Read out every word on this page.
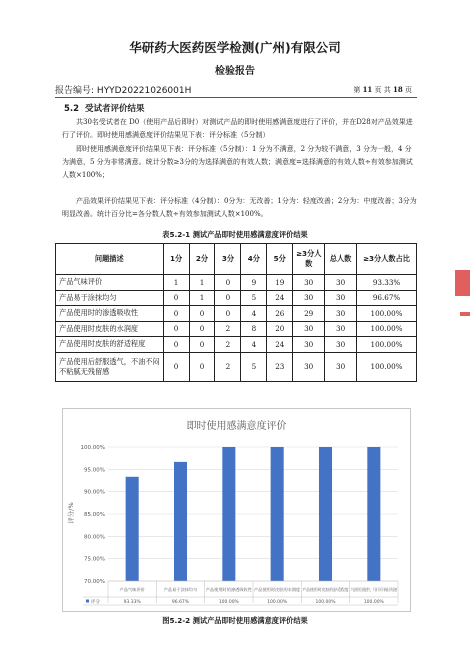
华研药大医药医学检测(广州)有限公司
检验报告
报告编号: HYYD20221026001H	第 11 页 共 18 页
5.2 受试者评价结果

共30名受试者在 D0（使用产品后即时）对测试产品的即时使用感满意度进行了评价，并在D28对产品效果进行了评价。即时使用感满意度评价结果见下表：评分标准（5分制）

即时使用感满意度评价结果见下表：评分标准（5分制）：1 分为不满意，2 分为较不满意，3 分为一般，4 分为满意，5 分为非常满意。统计分数≥3分的为选择满意的有效人数；满意度=选择满意的有效人数÷有效参加测试人数×100%；

产品效果评价结果见下表：评分标准（4分制）：0分为：无改善；1分为：轻度改善；2分为：中度改善；3分为明显改善。统计百分比=各分数人数÷有效参加测试人数×100%。

表5.2-1 测试产品即时使用感满意度评价结果
问题描述	1分	2分	3分	4分	5分	≥3分人数	总人数	≥3分人数占比
产品气味评价	1	1	0	9	19	30	30	93.33%
产品易于涂抹均匀	0	1	0	5	24	30	30	96.67%
产品使用时的渗透吸收性	0	0	0	4	26	29	30	100.00%
产品使用时皮肤的水润度	0	0	2	8	20	30	30	100.00%
产品使用时皮肤的舒适程度	0	0	2	4	24	30	30	100.00%
产品使用后舒服透气，不油不闷不粘腻无残留感	0	0	2	5	23	30	30	100.00%
即时使用感满意度评价
评分/%
70.00%
75.00%
80.00%
85.00%
90.00%
95.00%
100.00%
产品气味评价	产品易于涂抹均匀	产品使用时的渗透吸收性	产品使用时皮肤的水润度	产品使用时皮肤的舒适程度 产品使用后舒服透气，不油不闷不粘腻无残留感
评分	93.33%	96.67%	100.00%	100.00%	100.00%	100.00%
图5.2-2 测试产品即时使用感满意度评价结果
